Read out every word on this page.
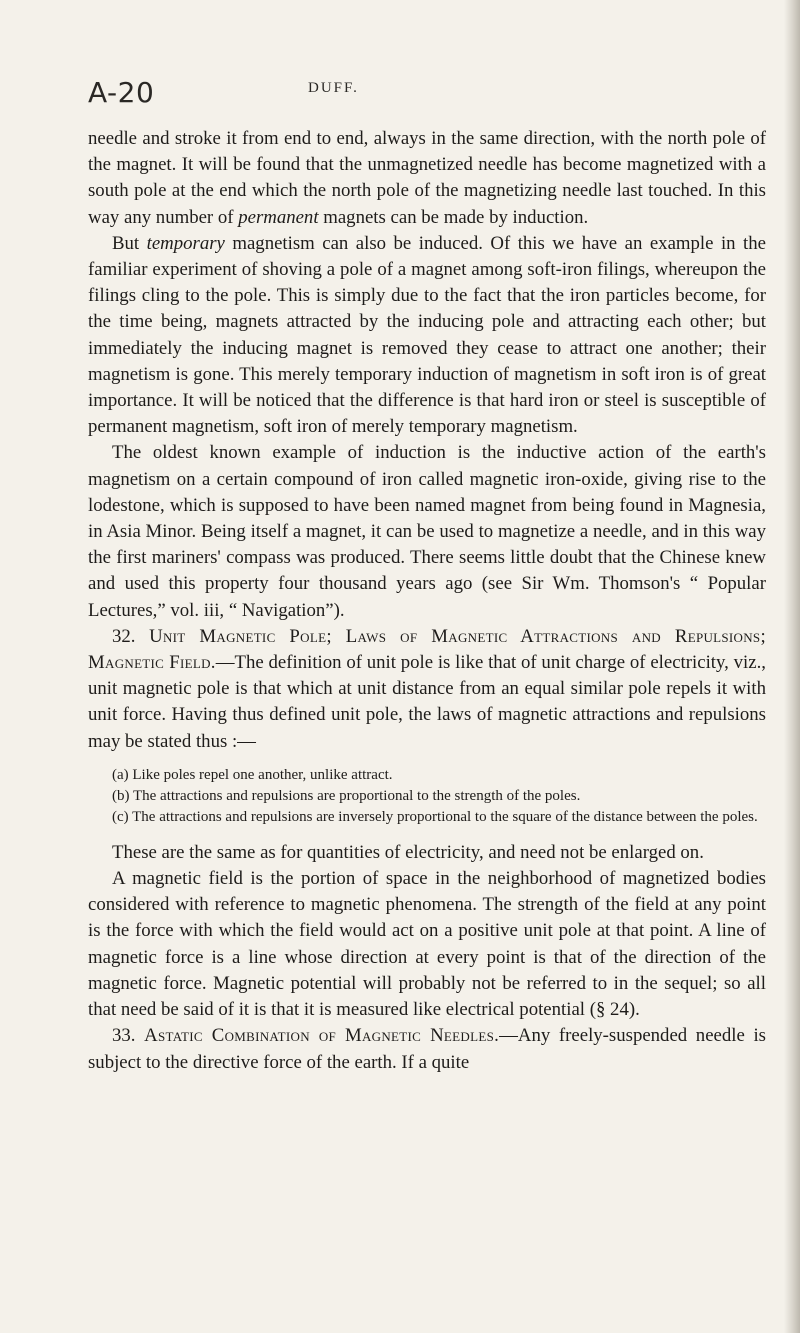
A-20	DUFF.

needle and stroke it from end to end, always in the same direction, with the north pole of the magnet. It will be found that the unmagnetized needle has become magnetized with a south pole at the end which the north pole of the magnetizing needle last touched. In this way any number of permanent magnets can be made by induction.

But temporary magnetism can also be induced. Of this we have an example in the familiar experiment of shoving a pole of a magnet among soft-iron filings, whereupon the filings cling to the pole. This is simply due to the fact that the iron particles become, for the time being, magnets attracted by the inducing pole and attracting each other; but immediately the inducing magnet is removed they cease to attract one another; their magnetism is gone. This merely temporary induction of magnetism in soft iron is of great importance. It will be noticed that the difference is that hard iron or steel is susceptible of permanent magnetism, soft iron of merely temporary magnetism.

The oldest known example of induction is the inductive action of the earth's magnetism on a certain compound of iron called magnetic iron-oxide, giving rise to the lodestone, which is supposed to have been named magnet from being found in Magnesia, in Asia Minor. Being itself a magnet, it can be used to magnetize a needle, and in this way the first mariners' compass was produced. There seems little doubt that the Chinese knew and used this property four thousand years ago (see Sir Wm. Thomson's “ Popular Lectures,” vol. iii, “ Navigation”).

32. Unit Magnetic Pole; Laws of Magnetic Attractions and Repulsions; Magnetic Field.—The definition of unit pole is like that of unit charge of electricity, viz., unit magnetic pole is that which at unit distance from an equal similar pole repels it with unit force. Having thus defined unit pole, the laws of magnetic attractions and repulsions may be stated thus :—

(a) Like poles repel one another, unlike attract.

(b) The attractions and repulsions are proportional to the strength of the poles.

(c) The attractions and repulsions are inversely proportional to the square of the distance between the poles.

These are the same as for quantities of electricity, and need not be enlarged on.

A magnetic field is the portion of space in the neighborhood of magnetized bodies considered with reference to magnetic phenomena. The strength of the field at any point is the force with which the field would act on a positive unit pole at that point. A line of magnetic force is a line whose direction at every point is that of the direction of the magnetic force. Magnetic potential will probably not be referred to in the sequel; so all that need be said of it is that it is measured like electrical potential (§ 24).

33. Astatic Combination of Magnetic Needles.—Any freely-suspended needle is subject to the directive force of the earth. If a quite
